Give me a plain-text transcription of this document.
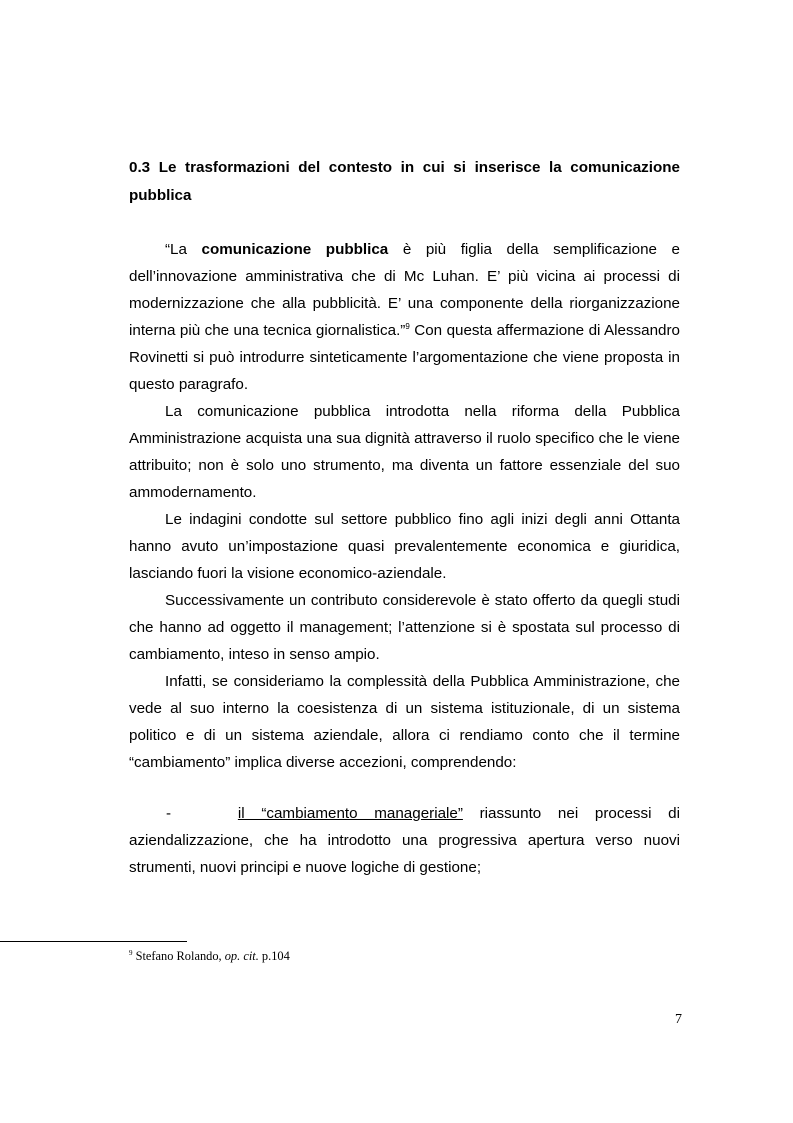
0.3 Le trasformazioni del contesto in cui si inserisce la comunicazione
pubblica

“La comunicazione pubblica è più figlia della semplificazione e dell’innovazione amministrativa che di Mc Luhan. E’ più vicina ai processi di modernizzazione che alla pubblicità. E’ una componente della riorganizzazione interna più che una tecnica giornalistica.”$^9$ Con questa affermazione di Alessandro Rovinetti si può introdurre sinteticamente l’argomentazione che viene proposta in questo paragrafo.

La comunicazione pubblica introdotta nella riforma della Pubblica Amministrazione acquista una sua dignità attraverso il ruolo specifico che le viene attribuito; non è solo uno strumento, ma diventa un fattore essenziale del suo ammodernamento.

Le indagini condotte sul settore pubblico fino agli inizi degli anni Ottanta hanno avuto un’impostazione quasi prevalentemente economica e giuridica, lasciando fuori la visione economico-aziendale.

Successivamente un contributo considerevole è stato offerto da quegli studi che hanno ad oggetto il management; l’attenzione si è spostata sul processo di cambiamento, inteso in senso ampio.

Infatti, se consideriamo la complessità della Pubblica Amministrazione, che vede al suo interno la coesistenza di un sistema istituzionale, di un sistema politico e di un sistema aziendale, allora ci rendiamo conto che il termine “cambiamento” implica diverse accezioni, comprendendo:

-	il “cambiamento manageriale” riassunto nei processi di
aziendalizzazione, che ha introdotto una progressiva apertura verso nuovi strumenti, nuovi principi e nuove logiche di gestione;
$^9$ Stefano Rolando, op. cit. p.104
7
